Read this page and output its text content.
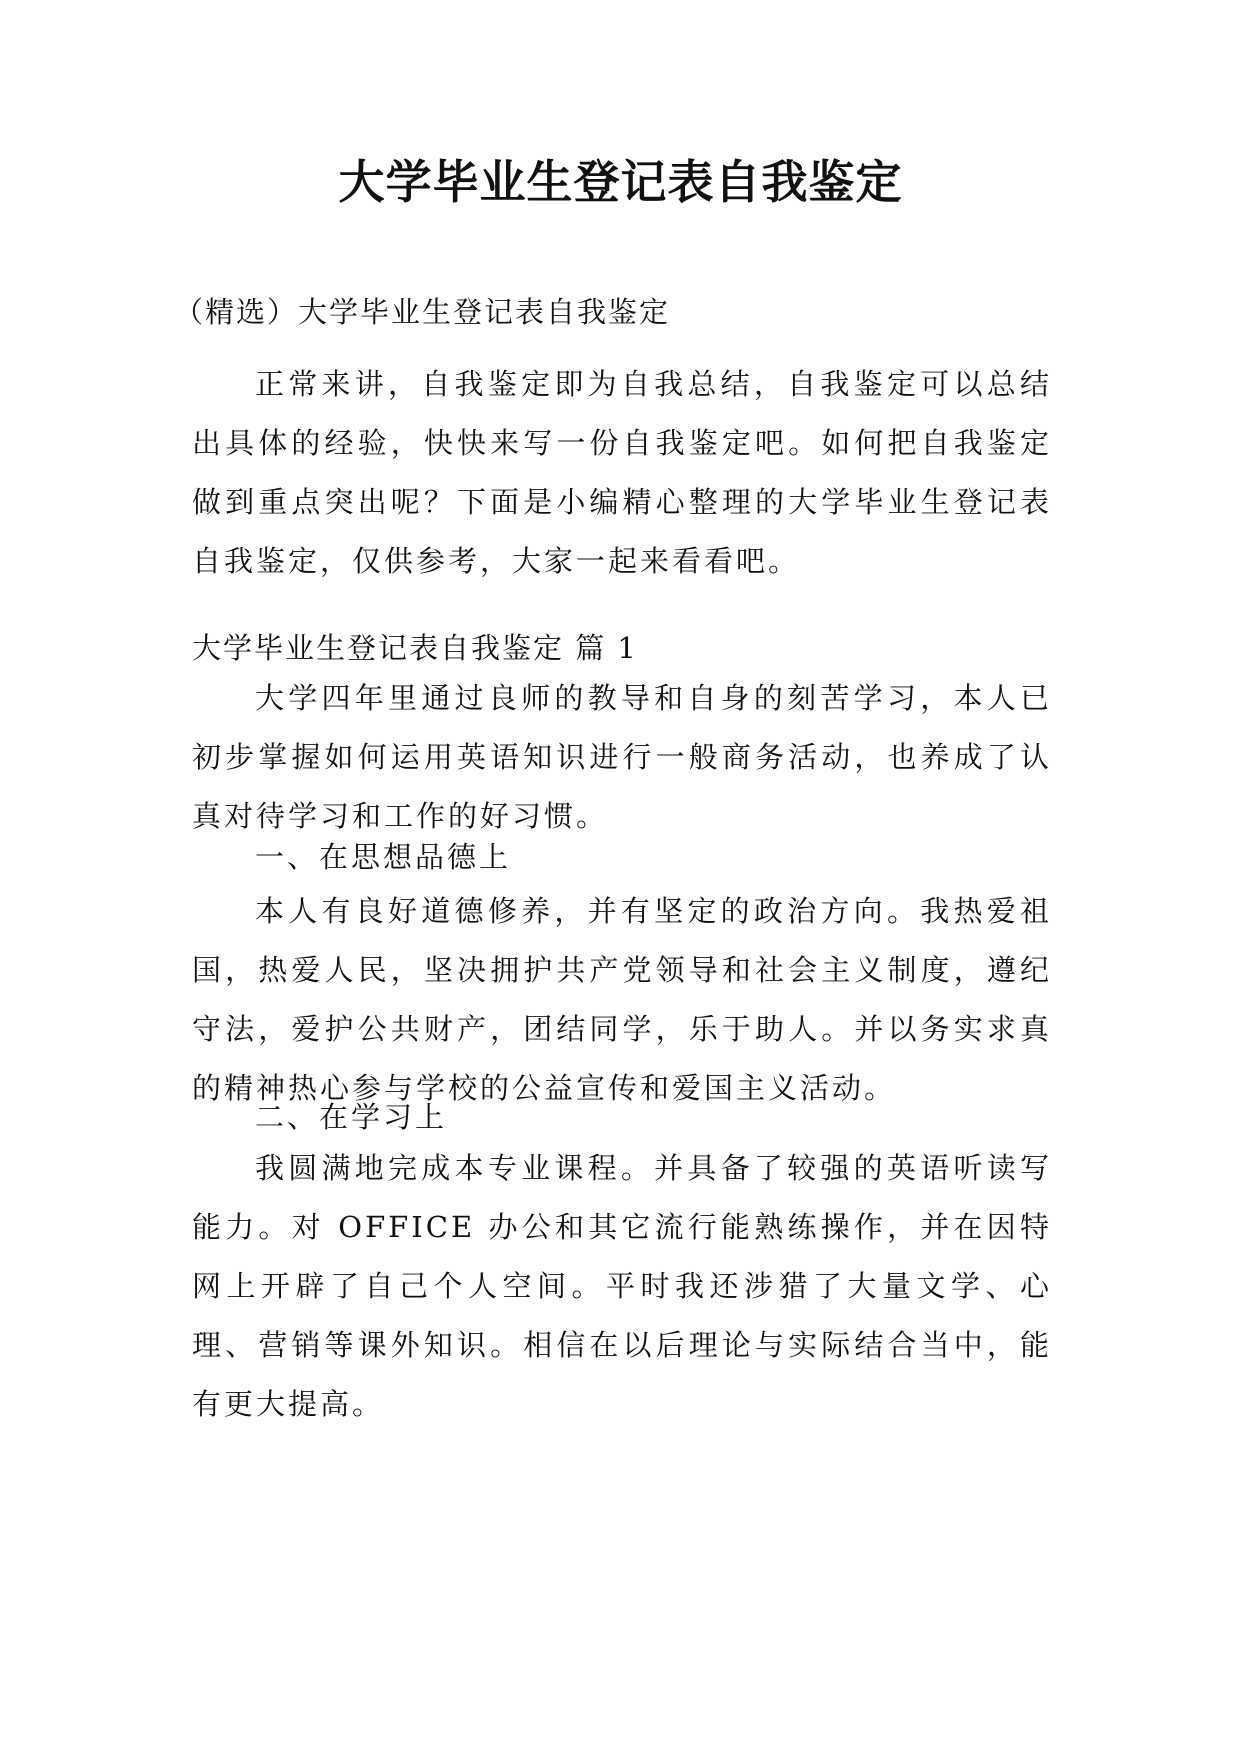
大学毕业生登记表自我鉴定
（精选）大学毕业生登记表自我鉴定

正常来讲，自我鉴定即为自我总结，自我鉴定可以总结出具体的经验，快快来写一份自我鉴定吧。如何把自我鉴定做到重点突出呢？下面是小编精心整理的大学毕业生登记表自我鉴定，仅供参考，大家一起来看看吧。

大学毕业生登记表自我鉴定 篇 1

大学四年里通过良师的教导和自身的刻苦学习，本人已初步掌握如何运用英语知识进行一般商务活动，也养成了认真对待学习和工作的好习惯。

一、在思想品德上

本人有良好道德修养，并有坚定的政治方向。我热爱祖国，热爱人民，坚决拥护共产党领导和社会主义制度，遵纪守法，爱护公共财产，团结同学，乐于助人。并以务实求真的精神热心参与学校的公益宣传和爱国主义活动。

二、在学习上

我圆满地完成本专业课程。并具备了较强的英语听读写能力。对 OFFICE 办公和其它流行能熟练操作，并在因特网上开辟了自己个人空间。平时我还涉猎了大量文学、心理、营销等课外知识。相信在以后理论与实际结合当中，能有更大提高。
